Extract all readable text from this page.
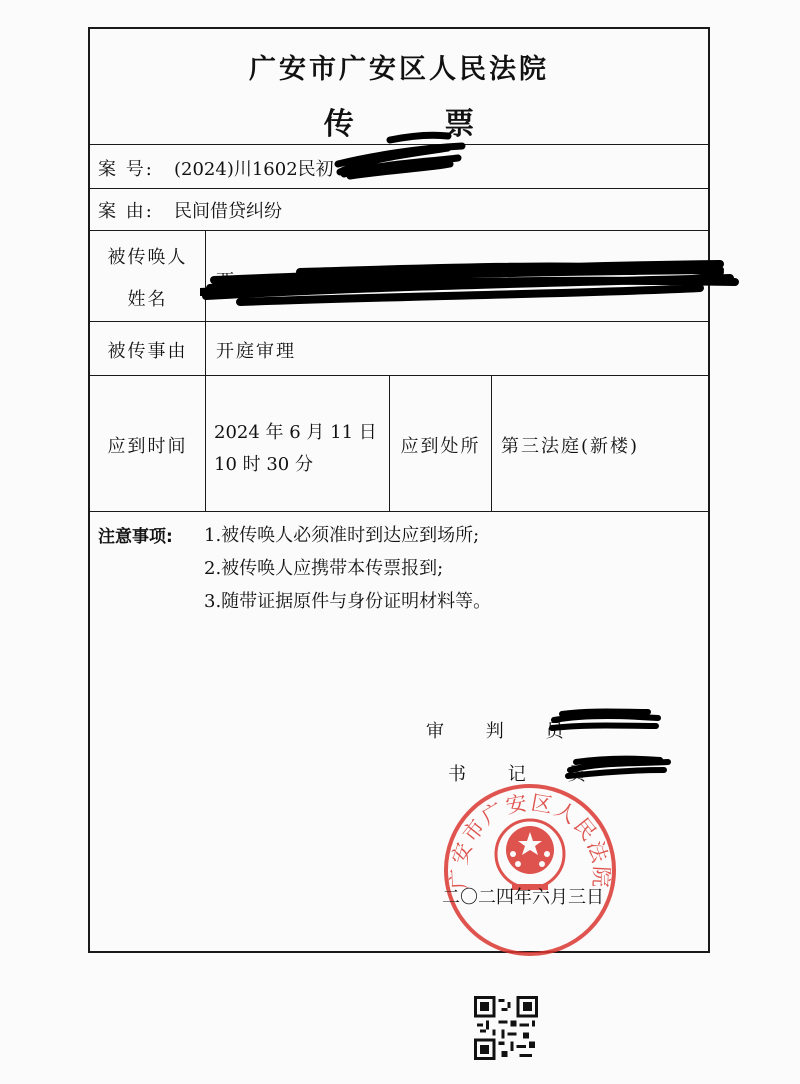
广安市广安区人民法院
传 票
案 号: (2024)川1602民初
案 由: 民间借贷纠纷
被传唤人
姓名
西
被传事由	开庭审理
应到时间
2024 年 6 月 11 日
10 时 30 分
应到处所	第三法庭(新楼)
注意事项: 1.被传唤人必须准时到达应到场所;
2.被传唤人应携带本传票报到;
3.随带证据原件与身份证明材料等。
审 判 员
书 记 员
广安市广安区人民法院
二〇二四年六月三日
